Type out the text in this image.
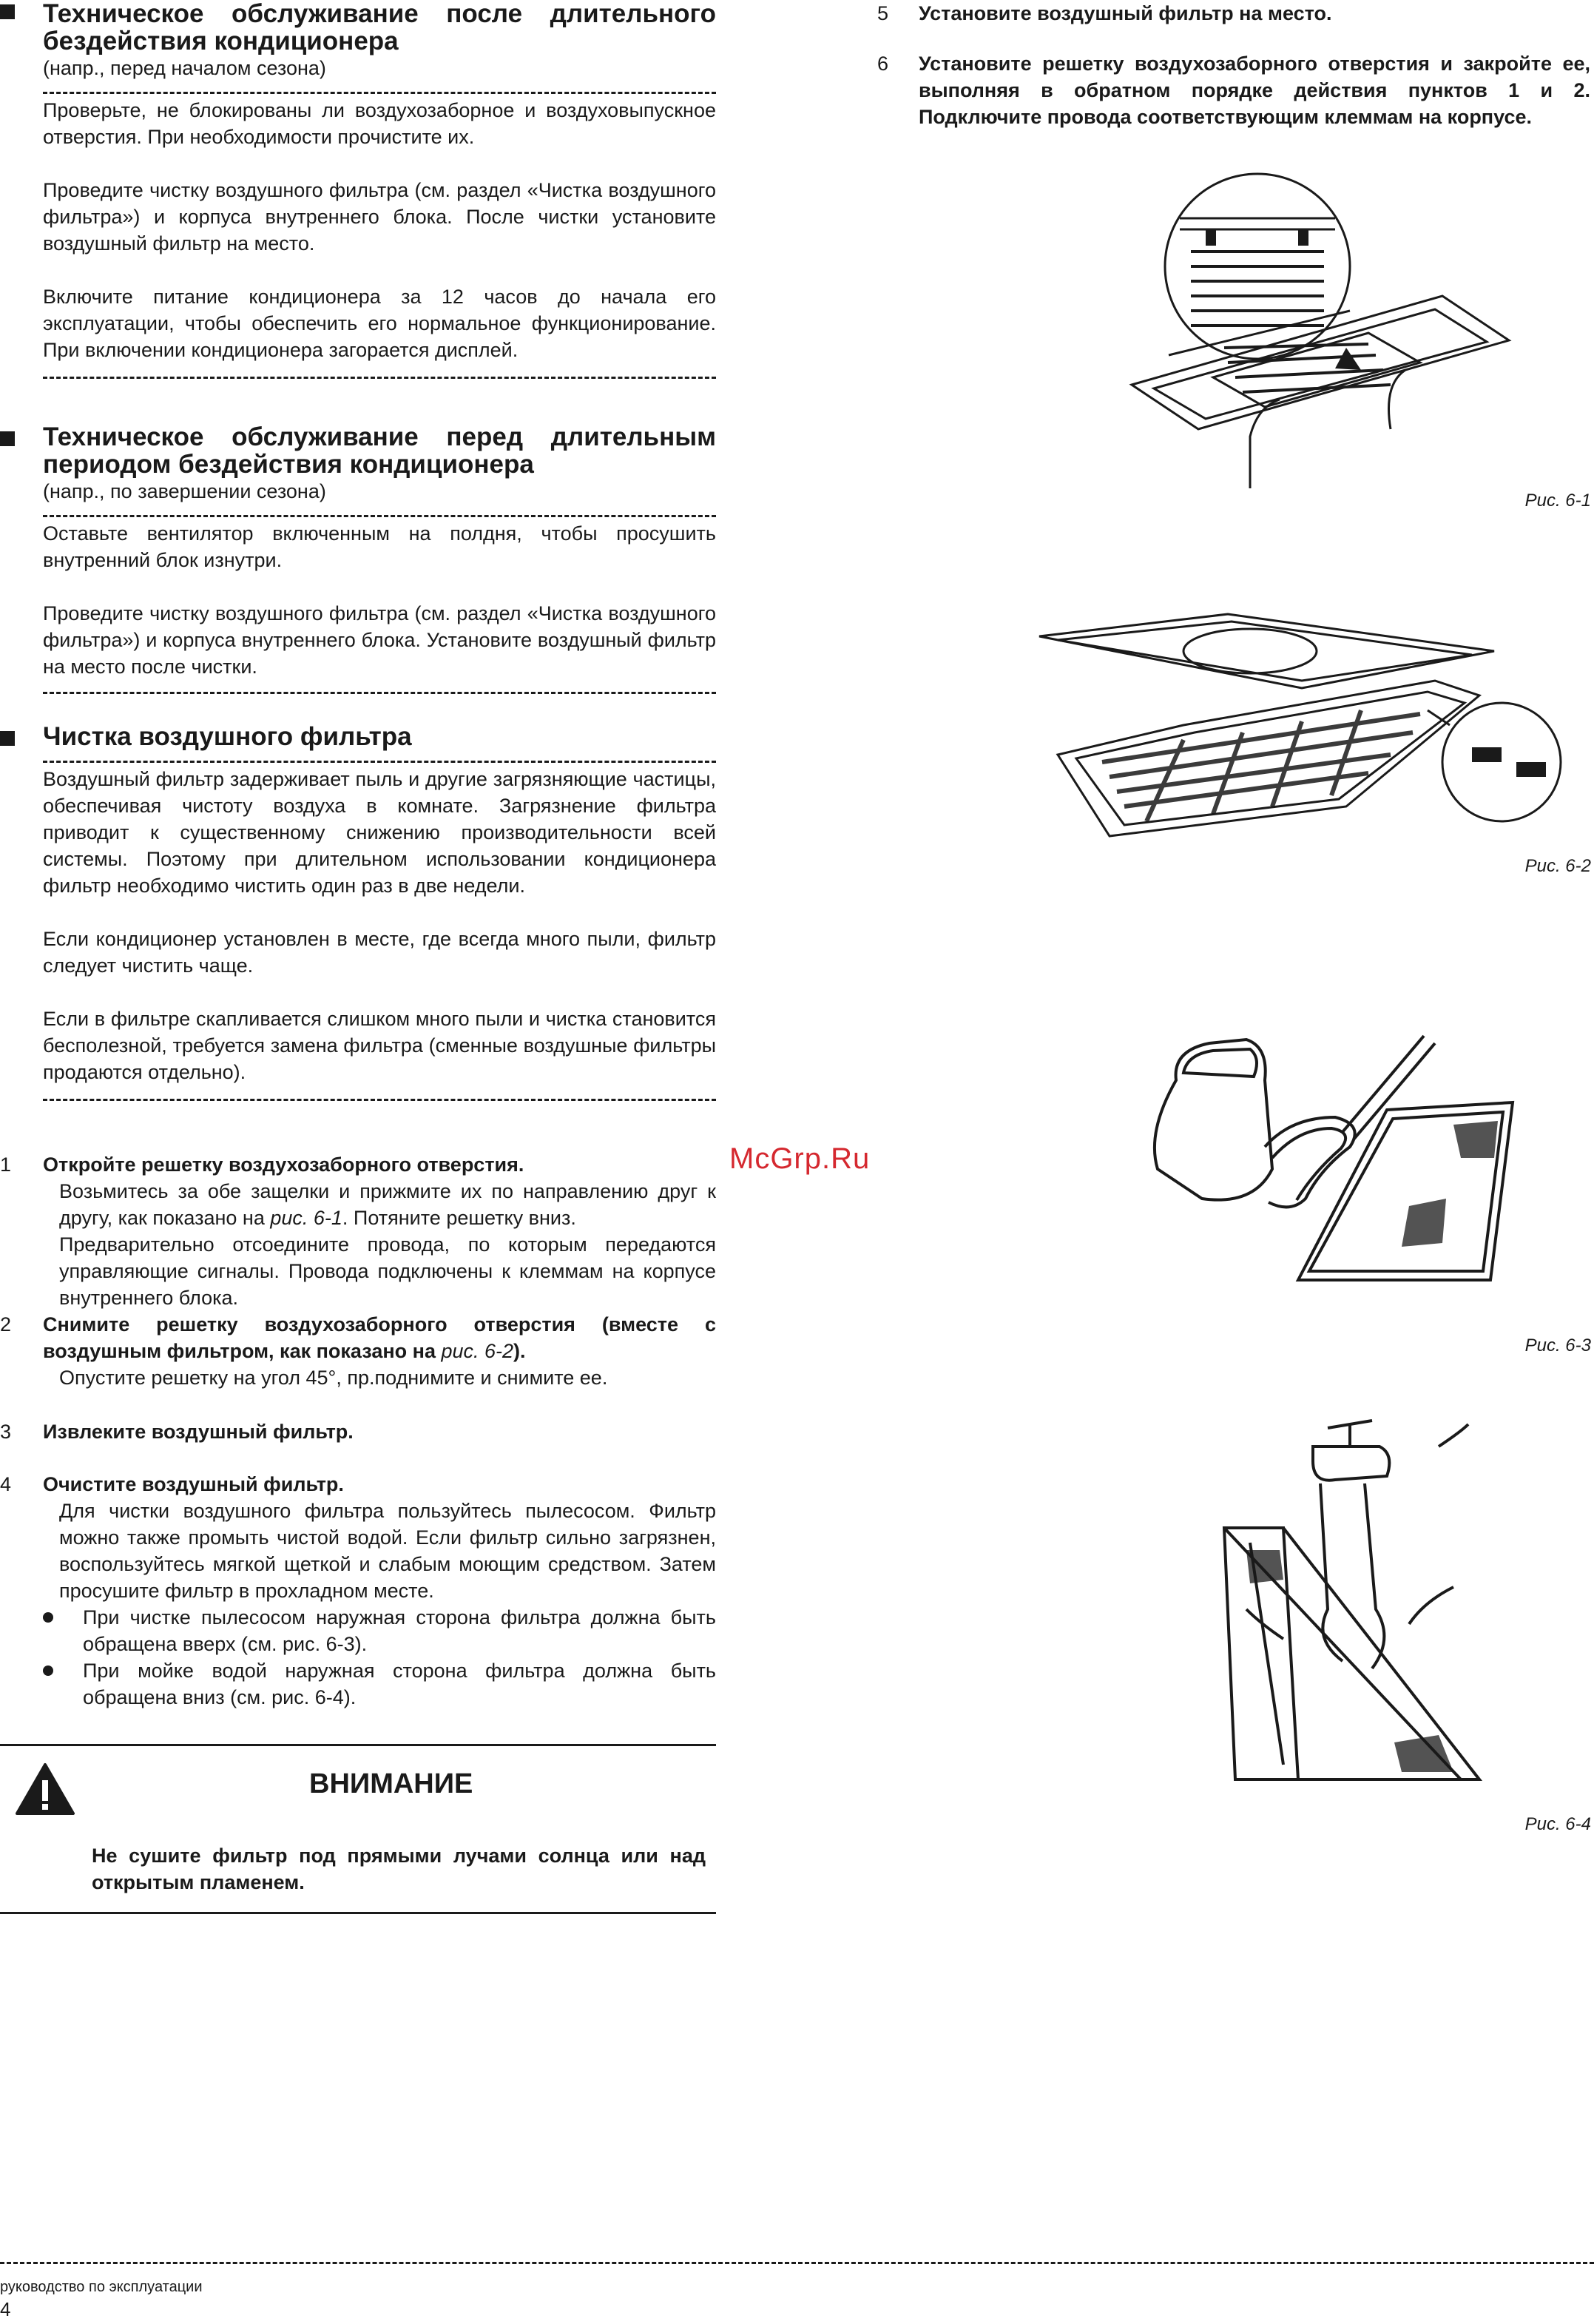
Техническое обслуживание после длительного бездействия кондиционера
(напр., перед началом сезона)

Проверьте, не блокированы ли воздухозаборное и воздуховыпускное отверстия. При необходимости прочистите их.

Проведите чистку воздушного фильтра (см. раздел «Чистка воздушного фильтра») и корпуса внутреннего блока. После чистки установите воздушный фильтр на место.

Включите питание кондиционера за 12 часов до начала его эксплуатации, чтобы обеспечить его нормальное функционирование. При включении кондиционера загорается дисплей.

Техническое обслуживание перед длительным периодом бездействия кондиционера
(напр., по завершении сезона)

Оставьте вентилятор включенным на полдня, чтобы просушить внутренний блок изнутри.

Проведите чистку воздушного фильтра (см. раздел «Чистка воздушного фильтра») и корпуса внутреннего блока. Установите воздушный фильтр на место после чистки.

Чистка воздушного фильтра

Воздушный фильтр задерживает пыль и другие загрязняющие частицы, обеспечивая чистоту воздуха в комнате. Загрязнение фильтра приводит к существенному снижению производительности всей системы. Поэтому при длительном использовании кондиционера фильтр необходимо чистить один раз в две недели.

Если кондиционер установлен в месте, где всегда много пыли, фильтр следует чистить чаще.

Если в фильтре скапливается слишком много пыли и чистка становится бесполезной, требуется замена фильтра (сменные воздушные фильтры продаются отдельно).

1 Откройте решетку воздухозаборного отверстия.

Возьмитесь за обе защелки и прижмите их по направлению друг к другу, как показано на рис. 6-1. Потяните решетку вниз.

Предварительно отсоедините провода, по которым передаются управляющие сигналы. Провода подключены к клеммам на корпусе внутреннего блока.

2 Снимите решетку воздухозаборного отверстия (вместе с воздушным фильтром, как показано на рис. 6-2).

Опустите решетку на угол 45°, пр.поднимите и снимите ее.

3 Извлеките воздушный фильтр.

4 Очистите воздушный фильтр.

Для чистки воздушного фильтра пользуйтесь пылесосом. Фильтр можно также промыть чистой водой. Если фильтр сильно загрязнен, воспользуйтесь мягкой щеткой и слабым моющим средством. Затем просушите фильтр в прохладном месте.

При чистке пылесосом наружная сторона фильтра должна быть обращена вверх (см. рис. 6-3).

При мойке водой наружная сторона фильтра должна быть обращена вниз (см. рис. 6-4).

ВНИМАНИЕ

Не сушите фильтр под прямыми лучами солнца или над открытым пламенем.

McGrp.Ru
5 Установите воздушный фильтр на место.

6 Установите решетку воздухозаборного отверстия и закройте ее, выполняя в обратном порядке действия пунктов 1 и 2. Подключите провода соответствующим клеммам на корпусе.

Рис. 6-1
Рис. 6-2
Рис. 6-3
Рис. 6-4
руководство по эксплуатации
4
